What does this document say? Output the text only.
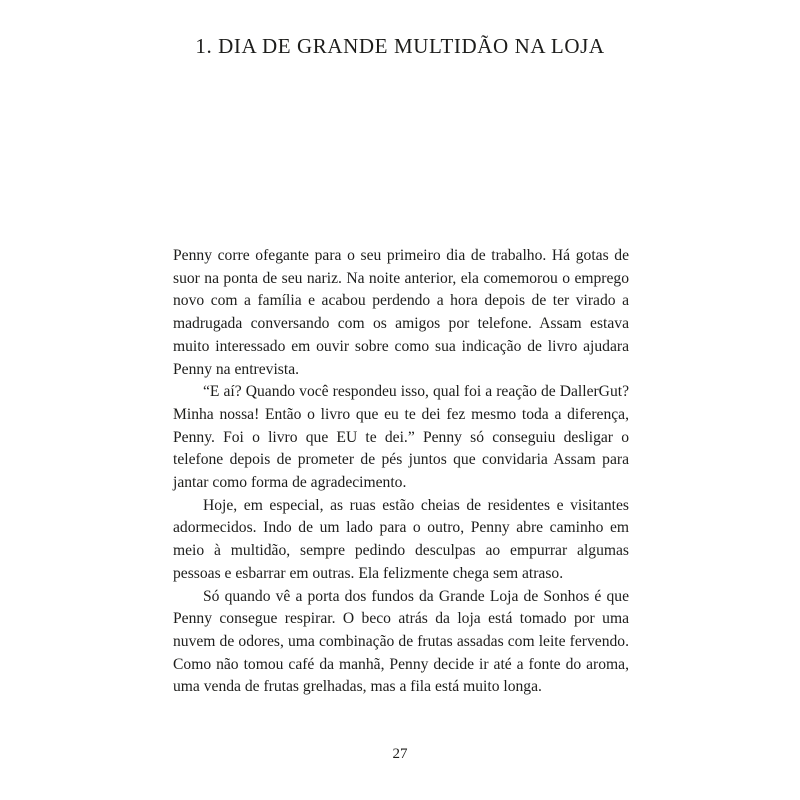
1. DIA DE GRANDE MULTIDÃO NA LOJA

Penny corre ofegante para o seu primeiro dia de trabalho. Há gotas de suor na ponta de seu nariz. Na noite anterior, ela comemorou o emprego novo com a família e acabou perdendo a hora depois de ter virado a madrugada conversando com os amigos por telefone. Assam estava muito interessado em ouvir sobre como sua indicação de livro ajudara Penny na entrevista.

“E aí? Quando você respondeu isso, qual foi a reação de DallerGut? Minha nossa! Então o livro que eu te dei fez mesmo toda a diferença, Penny. Foi o livro que EU te dei.” Penny só conseguiu desligar o telefone depois de prometer de pés juntos que convidaria Assam para jantar como forma de agradecimento.

Hoje, em especial, as ruas estão cheias de residentes e visitantes adormecidos. Indo de um lado para o outro, Penny abre caminho em meio à multidão, sempre pedindo desculpas ao empurrar algumas pessoas e esbarrar em outras. Ela felizmente chega sem atraso.

Só quando vê a porta dos fundos da Grande Loja de Sonhos é que Penny consegue respirar. O beco atrás da loja está tomado por uma nuvem de odores, uma combinação de frutas assadas com leite fervendo. Como não tomou café da manhã, Penny decide ir até a fonte do aroma, uma venda de frutas grelhadas, mas a fila está muito longa.

27
